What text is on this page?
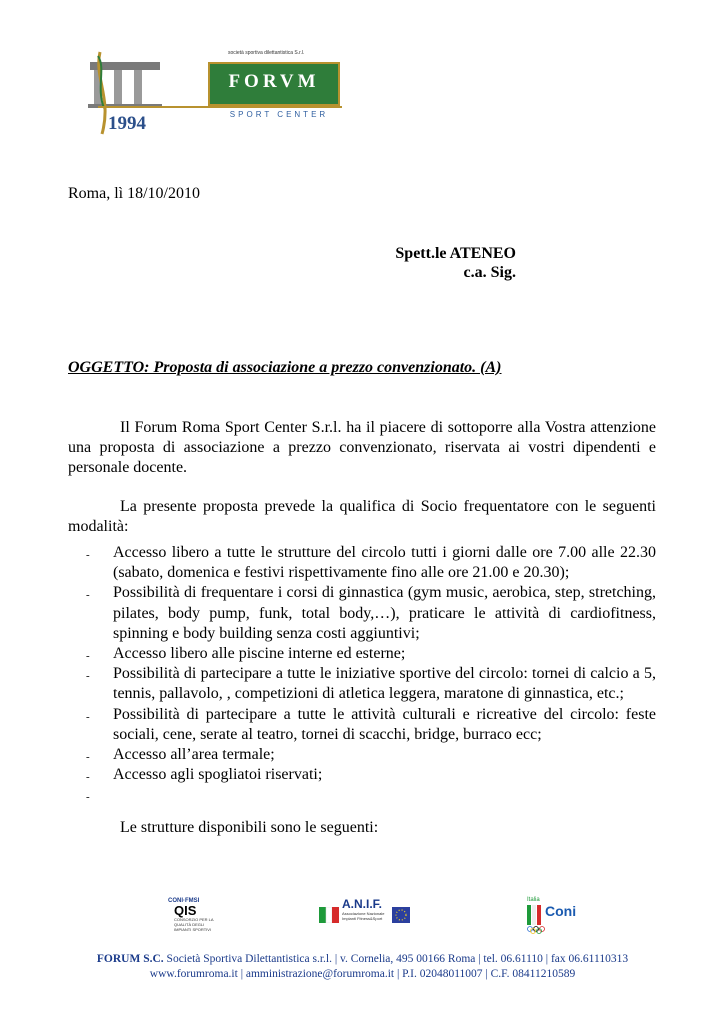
società sportiva dilettantistica S.r.l.
FORVM
SPORT CENTER
1994
Roma, lì 18/10/2010
Spett.le ATENEO
c.a. Sig.
OGGETTO: Proposta di associazione a prezzo convenzionato. (A)
Il Forum Roma Sport Center S.r.l. ha il piacere di sottoporre alla Vostra attenzione una proposta di associazione a prezzo convenzionato, riservata ai vostri dipendenti e personale docente.
La presente proposta prevede la qualifica di Socio frequentatore con le seguenti modalità:
- Accesso libero a tutte le strutture del circolo tutti i giorni dalle ore 7.00 alle 22.30 (sabato, domenica e festivi rispettivamente fino alle ore 21.00 e 20.30);
- Possibilità di frequentare i corsi di ginnastica (gym music, aerobica, step, stretching, pilates, body pump, funk, total body,…), praticare le attività di cardiofitness, spinning e body building senza costi aggiuntivi;
- Accesso libero alle piscine interne ed esterne;
- Possibilità di partecipare a tutte le iniziative sportive del circolo: tornei di calcio a 5, tennis, pallavolo, , competizioni di atletica leggera, maratone di ginnastica, etc.;
- Possibilità di partecipare a tutte le attività culturali e ricreative del circolo: feste sociali, cene, serate al teatro, tornei di scacchi, bridge, burraco ecc;
- Accesso all’area termale;
- Accesso agli spogliatoi riservati;
-
Le strutture disponibili sono le seguenti:
CONI·FMSI
QIS
CONSORZIO PER LA QUALITÀ DEGLI IMPIANTI SPORTIVI
A.N.I.F.
Associazione Nazionale Impianti Fitness&Sport
Italia
Coni
FORUM S.C. Società Sportiva Dilettantistica s.r.l. | v. Cornelia, 495 00166 Roma | tel. 06.61110 | fax 06.61110313
www.forumroma.it | amministrazione@forumroma.it | P.I. 02048011007 | C.F. 08411210589
